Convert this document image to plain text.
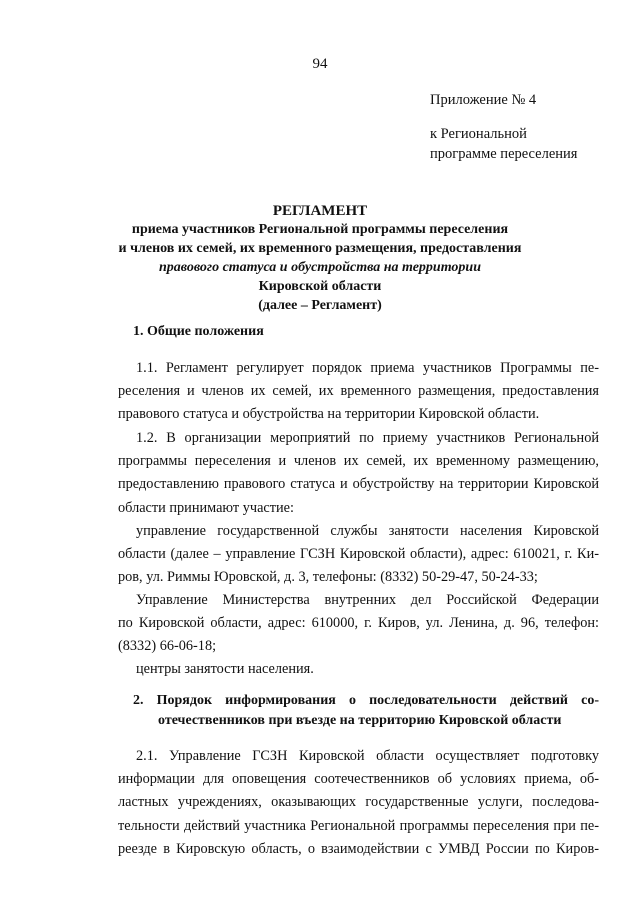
94
Приложение № 4
к Региональной
программе переселения
РЕГЛАМЕНТ
приема участников Региональной программы переселения
и членов их семей, их временного размещения, предоставления
правового статуса и обустройства на территории
Кировской области
(далее – Регламент)
1. Общие положения
1.1. Регламент регулирует порядок приема участников Программы пе-
реселения и членов их семей, их временного размещения, предоставления
правового статуса и обустройства на территории Кировской области.
1.2. В организации мероприятий по приему участников Региональной
программы переселения и членов их семей, их временному размещению,
предоставлению правового статуса и обустройству на территории Кировской
области принимают участие:
управление государственной службы занятости населения Кировской
области (далее – управление ГСЗН Кировской области), адрес: 610021, г. Ки-
ров, ул. Риммы Юровской, д. 3, телефоны: (8332) 50-29-47, 50-24-33;
Управление Министерства внутренних дел Российской Федерации
по Кировской области, адрес: 610000, г. Киров, ул. Ленина, д. 96, телефон:
(8332) 66-06-18;
центры занятости населения.
2. Порядок информирования о последовательности действий со-
отечественников при въезде на территорию Кировской области
2.1. Управление ГСЗН Кировской области осуществляет подготовку
информации для оповещения соотечественников об условиях приема, об-
ластных учреждениях, оказывающих государственные услуги, последова-
тельности действий участника Региональной программы переселения при пе-
реезде в Кировскую область, о взаимодействии с УМВД России по Киров-
